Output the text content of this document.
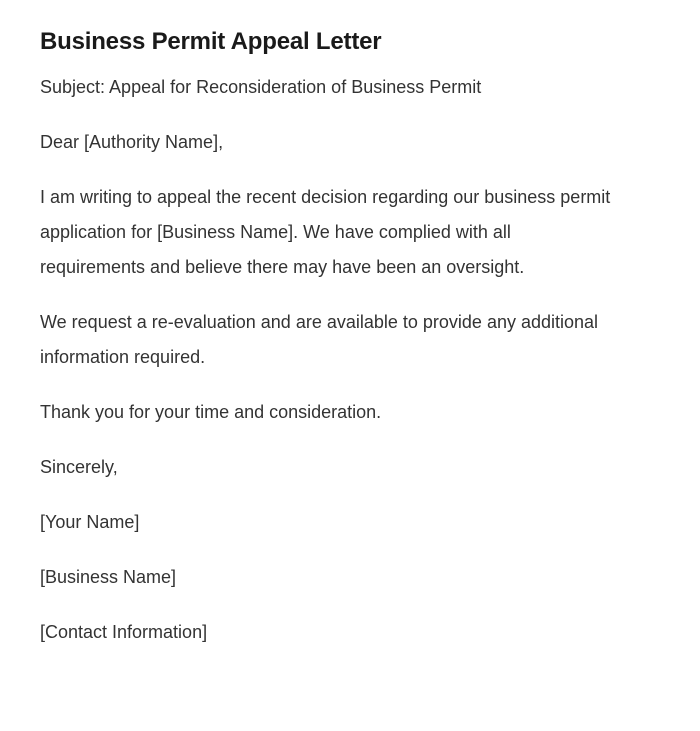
Business Permit Appeal Letter

Subject: Appeal for Reconsideration of Business Permit

Dear [Authority Name],

I am writing to appeal the recent decision regarding our business permit application for [Business Name]. We have complied with all requirements and believe there may have been an oversight.

We request a re-evaluation and are available to provide any additional information required.

Thank you for your time and consideration.

Sincerely,

[Your Name]

[Business Name]

[Contact Information]
